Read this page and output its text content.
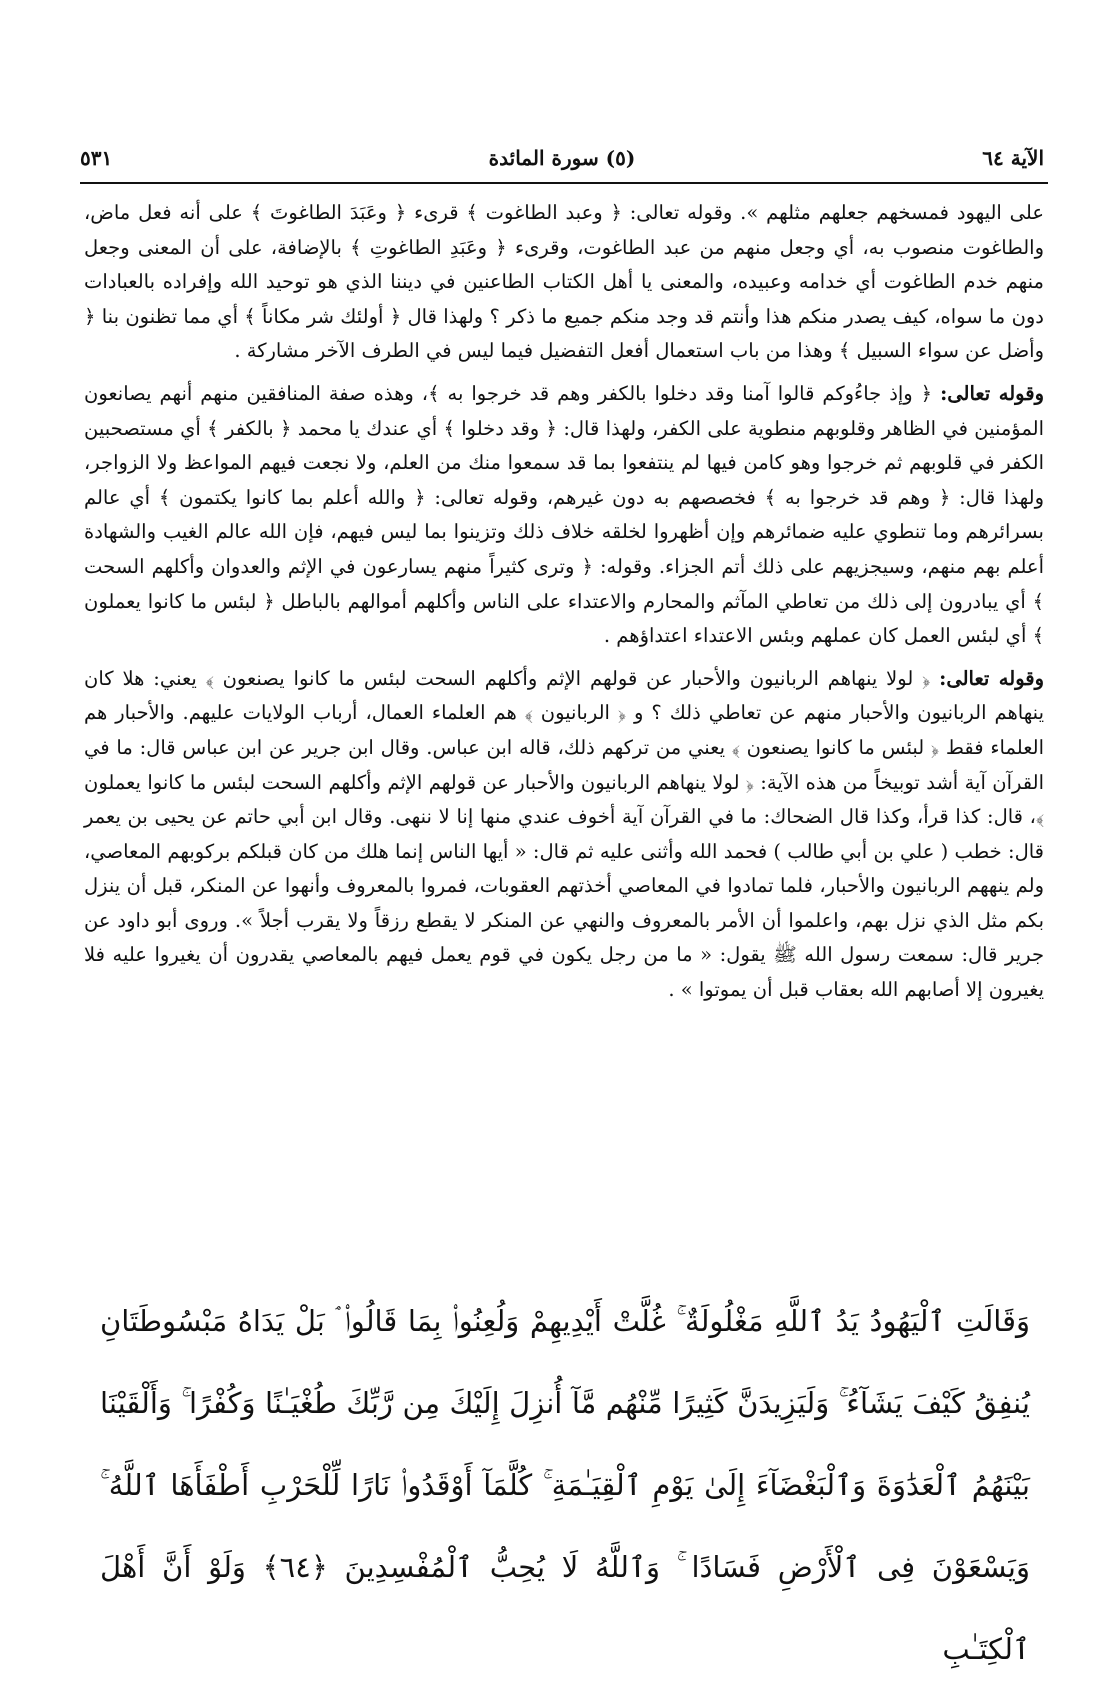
الآية ٦٤
(٥) سورة المائدة
٥٣١

على اليهود فمسخهم جعلهم مثلهم ». وقوله تعالى: ﴿ وعبد الطاغوت ﴾ قرىء ﴿ وعَبَدَ الطاغوتَ ﴾ على أنه فعل ماض، والطاغوت منصوب به، أي وجعل منهم من عبد الطاغوت، وقرىء ﴿ وعَبَدِ الطاغوتِ ﴾ بالإضافة، على أن المعنى وجعل منهم خدم الطاغوت أي خدامه وعبيده، والمعنى يا أهل الكتاب الطاعنين في ديننا الذي هو توحيد الله وإفراده بالعبادات دون ما سواه، كيف يصدر منكم هذا وأنتم قد وجد منكم جميع ما ذكر ؟ ولهذا قال ﴿ أولئك شر مكاناً ﴾ أي مما تظنون بنا ﴿ وأضل عن سواء السبيل ﴾ وهذا من باب استعمال أفعل التفضيل فيما ليس في الطرف الآخر مشاركة .

وقوله تعالى: ﴿ وإذ جاءُوكم قالوا آمنا وقد دخلوا بالكفر وهم قد خرجوا به ﴾، وهذه صفة المنافقين منهم أنهم يصانعون المؤمنين في الظاهر وقلوبهم منطوية على الكفر، ولهذا قال: ﴿ وقد دخلوا ﴾ أي عندك يا محمد ﴿ بالكفر ﴾ أي مستصحبين الكفر في قلوبهم ثم خرجوا وهو كامن فيها لم ينتفعوا بما قد سمعوا منك من العلم، ولا نجعت فيهم المواعظ ولا الزواجر، ولهذا قال: ﴿ وهم قد خرجوا به ﴾ فخصصهم به دون غيرهم، وقوله تعالى: ﴿ والله أعلم بما كانوا يكتمون ﴾ أي عالم بسرائرهم وما تنطوي عليه ضمائرهم وإن أظهروا لخلقه خلاف ذلك وتزينوا بما ليس فيهم، فإن الله عالم الغيب والشهادة أعلم بهم منهم، وسيجزيهم على ذلك أتم الجزاء. وقوله: ﴿ وترى كثيراً منهم يسارعون في الإثم والعدوان وأكلهم السحت ﴾ أي يبادرون إلى ذلك من تعاطي المآثم والمحارم والاعتداء على الناس وأكلهم أموالهم بالباطل ﴿ لبئس ما كانوا يعملون ﴾ أي لبئس العمل كان عملهم وبئس الاعتداء اعتداؤهم .

وقوله تعالى: ﴿ لولا ينهاهم الربانيون والأحبار عن قولهم الإثم وأكلهم السحت لبئس ما كانوا يصنعون ﴾ يعني: هلا كان ينهاهم الربانيون والأحبار منهم عن تعاطي ذلك ؟ و ﴿ الربانيون ﴾ هم العلماء العمال، أرباب الولايات عليهم. والأحبار هم العلماء فقط ﴿ لبئس ما كانوا يصنعون ﴾ يعني من تركهم ذلك، قاله ابن عباس. وقال ابن جرير عن ابن عباس قال: ما في القرآن آية أشد توبيخاً من هذه الآية: ﴿ لولا ينهاهم الربانيون والأحبار عن قولهم الإثم وأكلهم السحت لبئس ما كانوا يعملون ﴾، قال: كذا قرأ، وكذا قال الضحاك: ما في القرآن آية أخوف عندي منها إنا لا ننهى. وقال ابن أبي حاتم عن يحيى بن يعمر قال: خطب ( علي بن أبي طالب ) فحمد الله وأثنى عليه ثم قال: « أيها الناس إنما هلك من كان قبلكم بركوبهم المعاصي، ولم ينههم الربانيون والأحبار، فلما تمادوا في المعاصي أخذتهم العقوبات، فمروا بالمعروف وأنهوا عن المنكر، قبل أن ينزل بكم مثل الذي نزل بهم، واعلموا أن الأمر بالمعروف والنهي عن المنكر لا يقطع رزقاً ولا يقرب أجلاً ». وروى أبو داود عن جرير قال: سمعت رسول الله ﷺ يقول: « ما من رجل يكون في قوم يعمل فيهم بالمعاصي يقدرون أن يغيروا عليه فلا يغيرون إلا أصابهم الله بعقاب قبل أن يموتوا » .

وَقَالَتِ ٱلْيَهُودُ يَدُ ٱللَّهِ مَغْلُولَةٌ ۚ غُلَّتْ أَيْدِيهِمْ وَلُعِنُوا۟ بِمَا قَالُوا۟ ۘ بَلْ يَدَاهُ مَبْسُوطَتَانِ يُنفِقُ كَيْفَ يَشَآءُ ۚ وَلَيَزِيدَنَّ كَثِيرًا مِّنْهُم مَّآ أُنزِلَ إِلَيْكَ مِن رَّبِّكَ طُغْيَـٰنًا وَكُفْرًا ۚ وَأَلْقَيْنَا بَيْنَهُمُ ٱلْعَدَٰوَةَ وَٱلْبَغْضَآءَ إِلَىٰ يَوْمِ ٱلْقِيَـٰمَةِ ۚ كُلَّمَآ أَوْقَدُوا۟ نَارًا لِّلْحَرْبِ أَطْفَأَهَا ٱللَّهُ ۚ وَيَسْعَوْنَ فِى ٱلْأَرْضِ فَسَادًا ۚ وَٱللَّهُ لَا يُحِبُّ ٱلْمُفْسِدِينَ ﴿٦٤﴾ وَلَوْ أَنَّ أَهْلَ ٱلْكِتَـٰبِ
